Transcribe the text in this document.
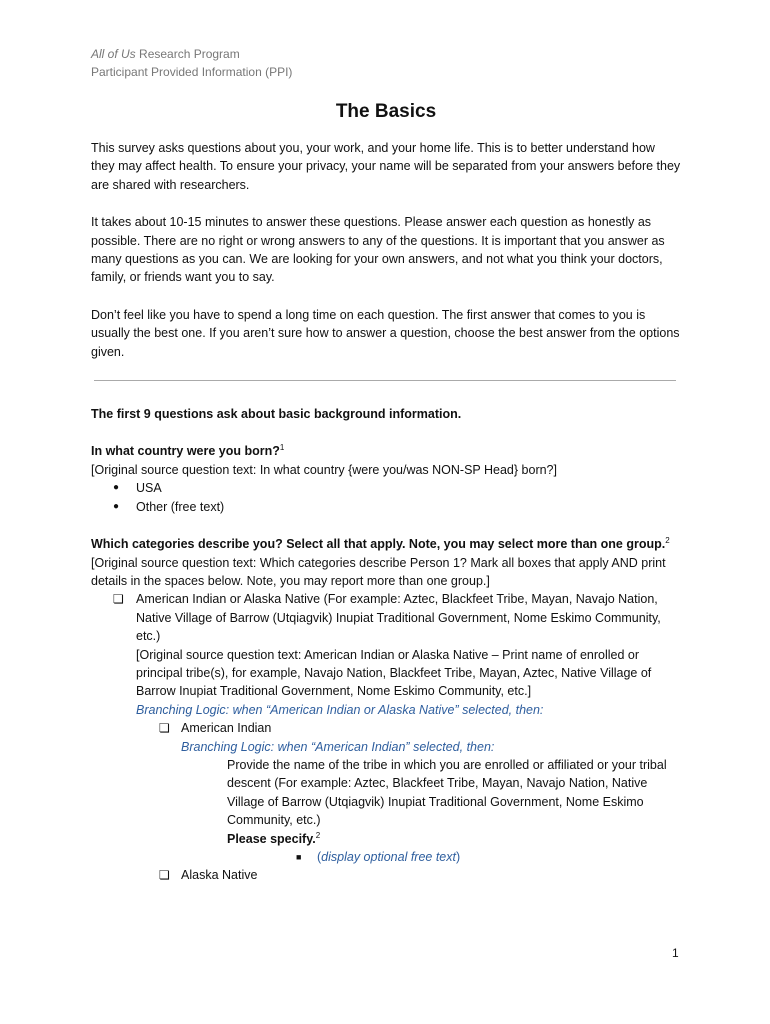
All of Us Research Program
Participant Provided Information (PPI)
The Basics

This survey asks questions about you, your work, and your home life. This is to better understand how they may affect health. To ensure your privacy, your name will be separated from your answers before they are shared with researchers.

It takes about 10-15 minutes to answer these questions. Please answer each question as honestly as possible. There are no right or wrong answers to any of the questions. It is important that you answer as many questions as you can. We are looking for your own answers, and not what you think your doctors, family, or friends want you to say.

Don’t feel like you have to spend a long time on each question. The first answer that comes to you is usually the best one. If you aren’t sure how to answer a question, choose the best answer from the options given.

The first 9 questions ask about basic background information.

In what country were you born?$^1$

[Original source question text: In what country {were you/was NON-SP Head} born?]

● USA
● Other (free text)

Which categories describe you? Select all that apply. Note, you may select more than one group.$^2$

[Original source question text: Which categories describe Person 1? Mark all boxes that apply AND print details in the spaces below. Note, you may report more than one group.]

❏ American Indian or Alaska Native (For example: Aztec, Blackfeet Tribe, Mayan, Navajo Nation, Native Village of Barrow (Utqiagvik) Inupiat Traditional Government, Nome Eskimo Community, etc.)

[Original source question text: American Indian or Alaska Native – Print name of enrolled or principal tribe(s), for example, Navajo Nation, Blackfeet Tribe, Mayan, Aztec, Native Village of Barrow Inupiat Traditional Government, Nome Eskimo Community, etc.]

Branching Logic: when “American Indian or Alaska Native” selected, then:

❏ American Indian

Branching Logic: when “American Indian” selected, then:

Provide the name of the tribe in which you are enrolled or affiliated or your tribal descent (For example: Aztec, Blackfeet Tribe, Mayan, Navajo Nation, Native Village of Barrow (Utqiagvik) Inupiat Traditional Government, Nome Eskimo Community, etc.)

Please specify.$^2$

■ (display optional free text)
❏ Alaska Native
1
